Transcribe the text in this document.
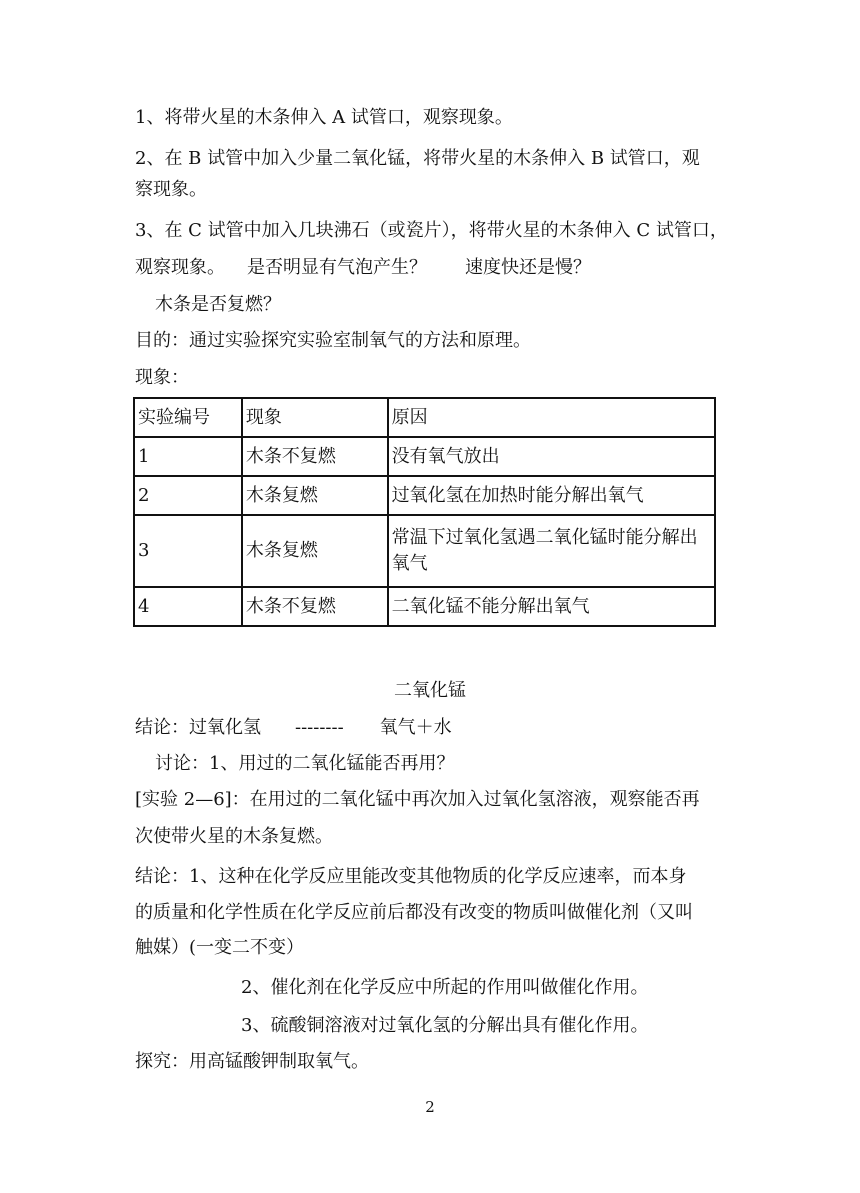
1、将带火星的木条伸入 A 试管口，观察现象。
2、在 B 试管中加入少量二氧化锰，将带火星的木条伸入 B 试管口，观
察现象。
3、在 C 试管中加入几块沸石（或瓷片），将带火星的木条伸入 C 试管口，
观察现象。 是否明显有气泡产生？ 速度快还是慢？
木条是否复燃？
目的：通过实验探究实验室制氧气的方法和原理。
现象：
实验编号	现象	原因
1	木条不复燃	没有氧气放出
2	木条复燃	过氧化氢在加热时能分解出氧气
3	木条复燃	常温下过氧化氢遇二氧化锰时能分解出氧气
4	木条不复燃	二氧化锰不能分解出氧气
二氧化锰
结论：过氧化氢 -------- 氧气＋水
讨论：1、用过的二氧化锰能否再用？
[实验 2—6]：在用过的二氧化锰中再次加入过氧化氢溶液，观察能否再
次使带火星的木条复燃。
结论：1、这种在化学反应里能改变其他物质的化学反应速率，而本身
的质量和化学性质在化学反应前后都没有改变的物质叫做催化剂（又叫
触媒）(一变二不变）
2、催化剂在化学反应中所起的作用叫做催化作用。
3、硫酸铜溶液对过氧化氢的分解出具有催化作用。
探究：用高锰酸钾制取氧气。
2
